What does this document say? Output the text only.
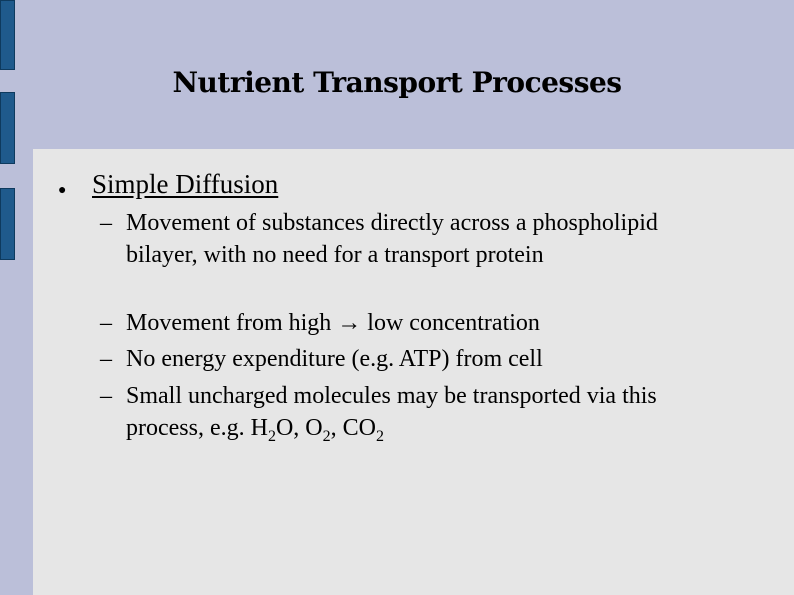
Nutrient Transport Processes
● Simple Diffusion
– Movement of substances directly across a phospholipid bilayer, with no need for a transport protein
– Movement from high → low concentration
– No energy expenditure (e.g. ATP) from cell
– Small uncharged molecules may be transported via this process, e.g. $H_2O$, $O_2$, $CO_2$
